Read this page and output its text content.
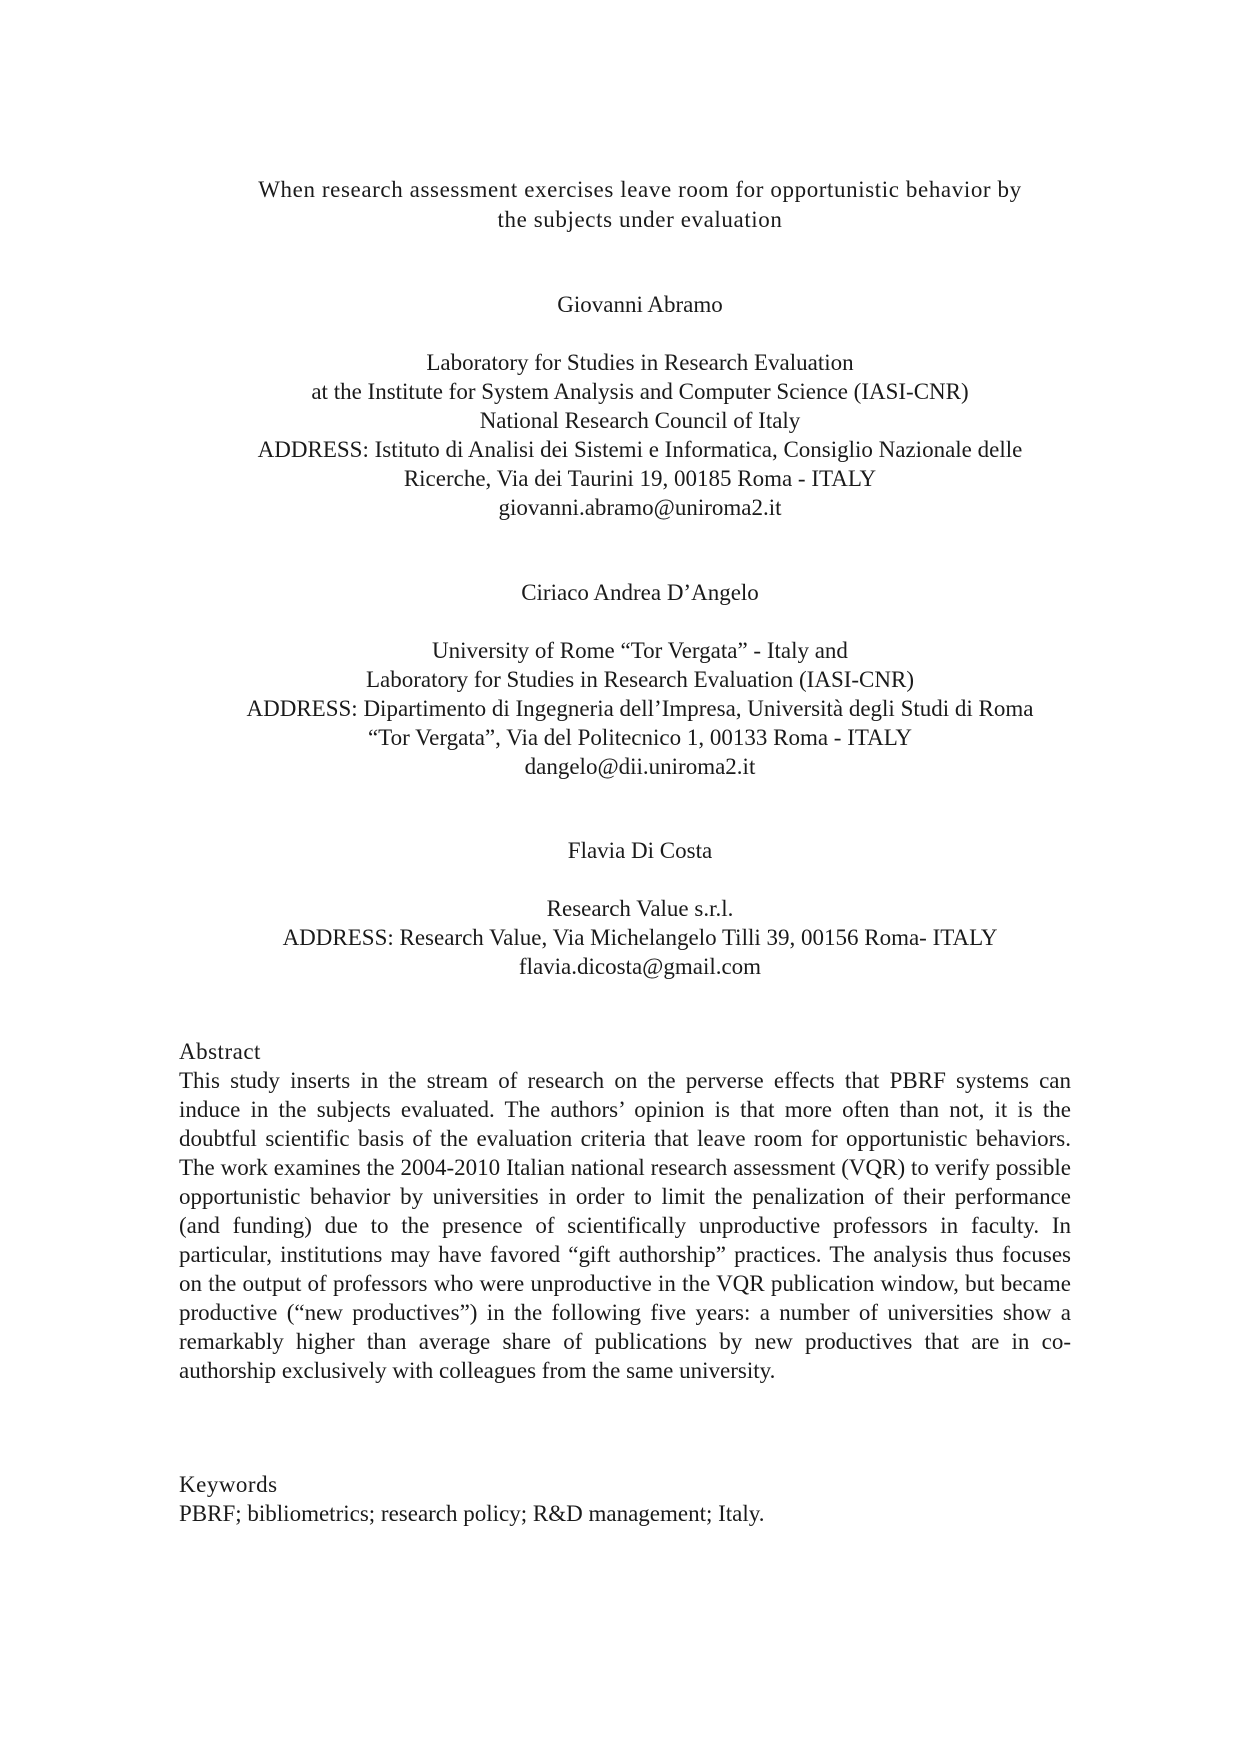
When research assessment exercises leave room for opportunistic behavior by
the subjects under evaluation
Giovanni Abramo
Laboratory for Studies in Research Evaluation
at the Institute for System Analysis and Computer Science (IASI-CNR)
National Research Council of Italy
ADDRESS: Istituto di Analisi dei Sistemi e Informatica, Consiglio Nazionale delle
Ricerche, Via dei Taurini 19, 00185 Roma - ITALY
giovanni.abramo@uniroma2.it
Ciriaco Andrea D’Angelo
University of Rome “Tor Vergata” - Italy and
Laboratory for Studies in Research Evaluation (IASI-CNR)
ADDRESS: Dipartimento di Ingegneria dell’Impresa, Università degli Studi di Roma
“Tor Vergata”, Via del Politecnico 1, 00133 Roma - ITALY
dangelo@dii.uniroma2.it
Flavia Di Costa
Research Value s.r.l.
ADDRESS: Research Value, Via Michelangelo Tilli 39, 00156 Roma- ITALY
flavia.dicosta@gmail.com
Abstract

This study inserts in the stream of research on the perverse effects that PBRF systems can induce in the subjects evaluated. The authors’ opinion is that more often than not, it is the doubtful scientific basis of the evaluation criteria that leave room for opportunistic behaviors. The work examines the 2004-2010 Italian national research assessment (VQR) to verify possible opportunistic behavior by universities in order to limit the penalization of their performance (and funding) due to the presence of scientifically unproductive professors in faculty. In particular, institutions may have favored “gift authorship” practices. The analysis thus focuses on the output of professors who were unproductive in the VQR publication window, but became productive (“new productives”) in the following five years: a number of universities show a remarkably higher than average share of publications by new productives that are in co-authorship exclusively with colleagues from the same university.

Keywords
PBRF; bibliometrics; research policy; R&D management; Italy.
